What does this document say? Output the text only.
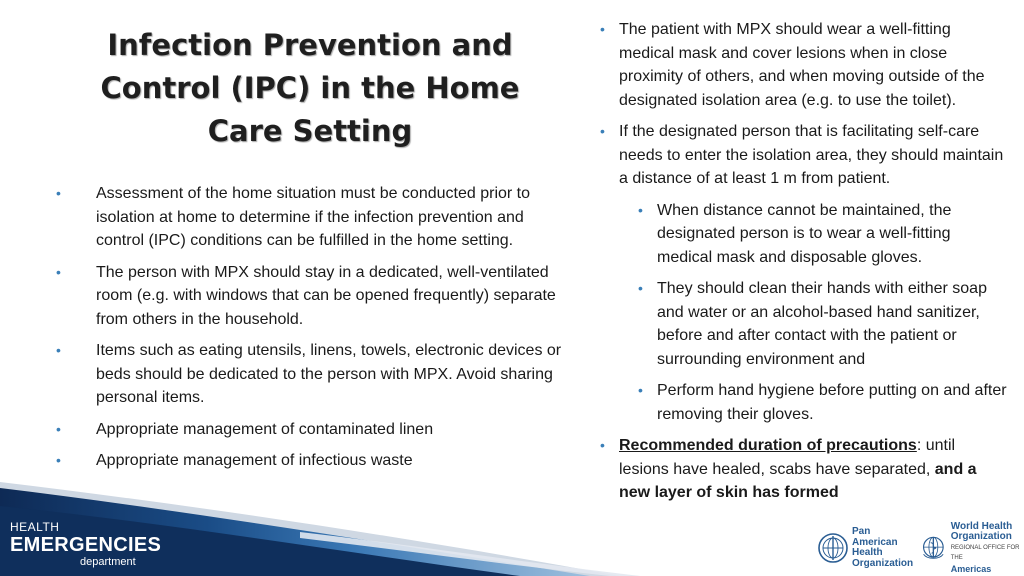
Infection Prevention and
Control (IPC) in the Home
Care Setting
• Assessment of the home situation must be conducted prior to isolation at home to determine if the infection prevention and control (IPC) conditions can be fulfilled in the home setting.
• The person with MPX should stay in a dedicated, well-ventilated room (e.g. with windows that can be opened frequently) separate from others in the household.
• Items such as eating utensils, linens, towels, electronic devices or beds should be dedicated to the person with MPX. Avoid sharing personal items.
• Appropriate management of contaminated linen
• Appropriate management of infectious waste
• The patient with MPX should wear a well-fitting medical mask and cover lesions when in close proximity of others, and when moving outside of the designated isolation area (e.g. to use the toilet).
• If the designated person that is facilitating self-care needs to enter the isolation area, they should maintain a distance of at least 1 m from patient.
• When distance cannot be maintained, the designated person is to wear a well-fitting medical mask and disposable gloves.
• They should clean their hands with either soap and water or an alcohol-based hand sanitizer, before and after contact with the patient or surrounding environment and
• Perform hand hygiene before putting on and after removing their gloves.
• Recommended duration of precautions: until lesions have healed, scabs have separated, and a new layer of skin has formed
HEALTH
EMERGENCIES
department
Pan American Health Organization
World Health
Organization
REGIONAL OFFICE FOR THE
Americas
